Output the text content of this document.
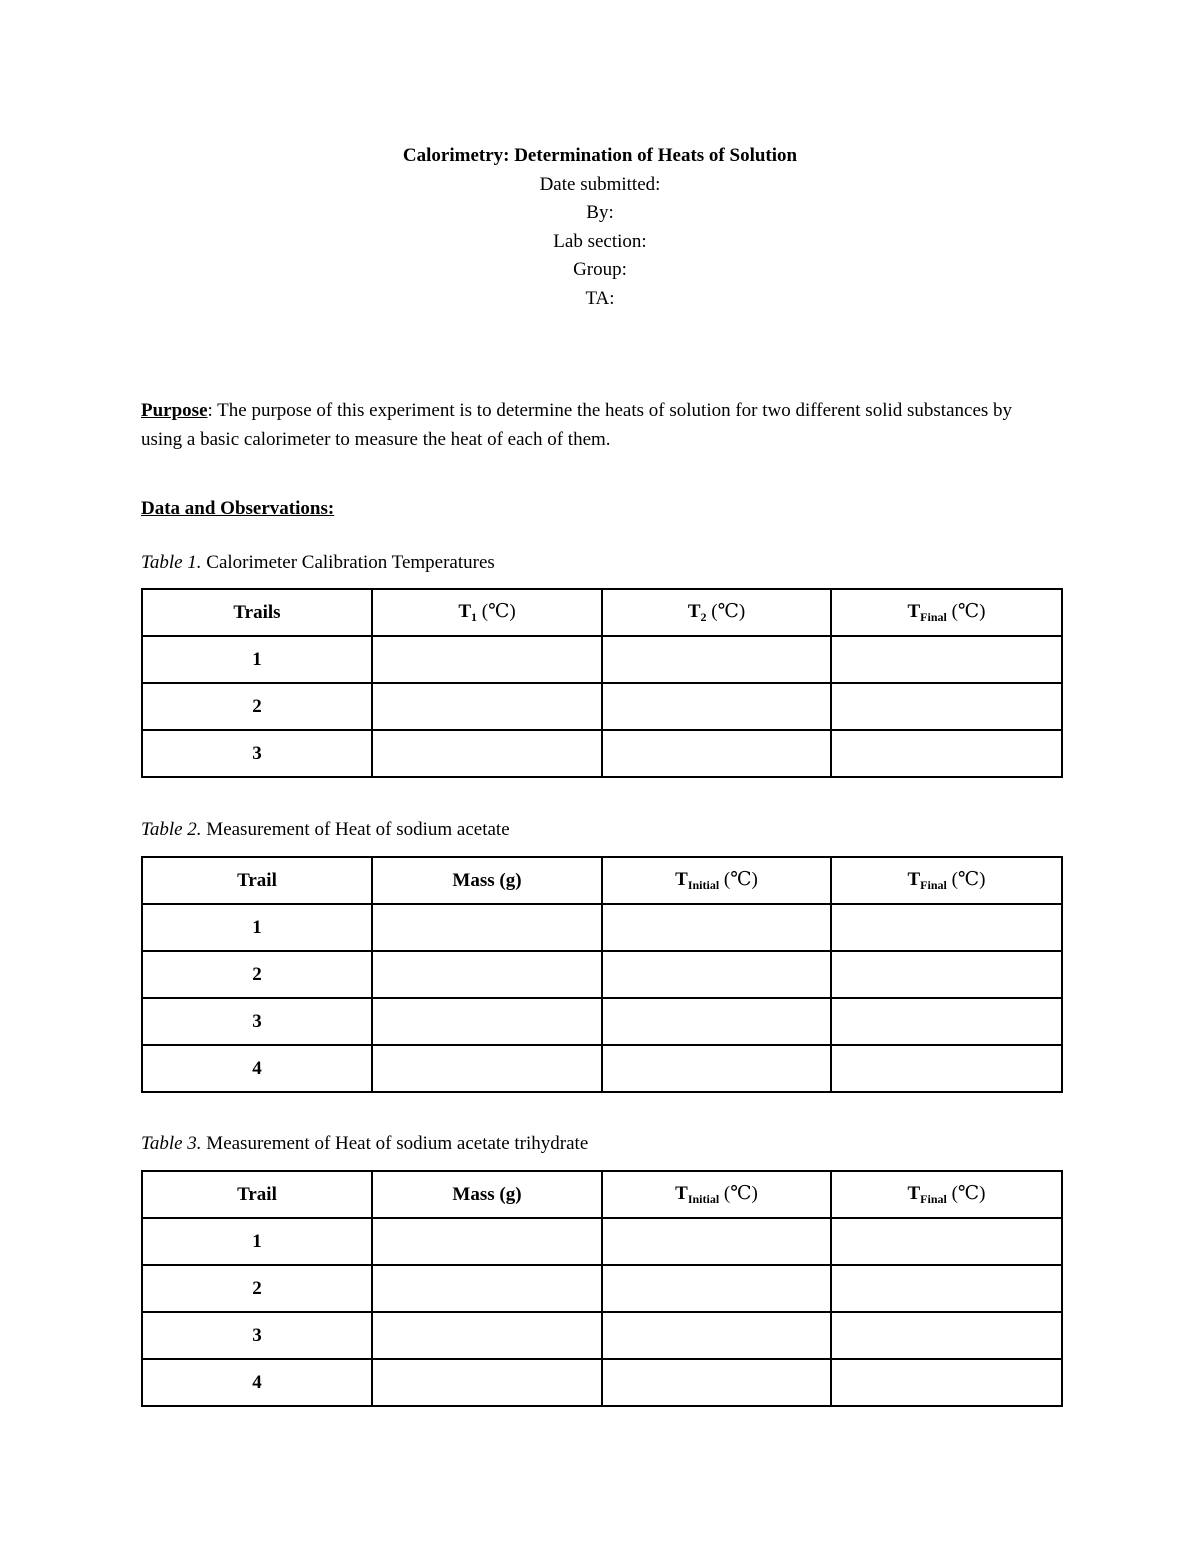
Calorimetry: Determination of Heats of Solution
Date submitted:
By:
Lab section:
Group:
TA:
Purpose: The purpose of this experiment is to determine the heats of solution for two different solid substances by using a basic calorimeter to measure the heat of each of them.
Data and Observations:
Table 1. Calorimeter Calibration Temperatures
Trails	$T_1$ (℃)	$T_2$ (℃)	$T_{Final}$ (℃)
1			
2			
3			
Table 2. Measurement of Heat of sodium acetate
Trail	Mass (g)	$T_{Initial}$ (℃)	$T_{Final}$ (℃)
1			
2			
3			
4			
Table 3. Measurement of Heat of sodium acetate trihydrate
Trail	Mass (g)	$T_{Initial}$ (℃)	$T_{Final}$ (℃)
1			
2			
3			
4			
